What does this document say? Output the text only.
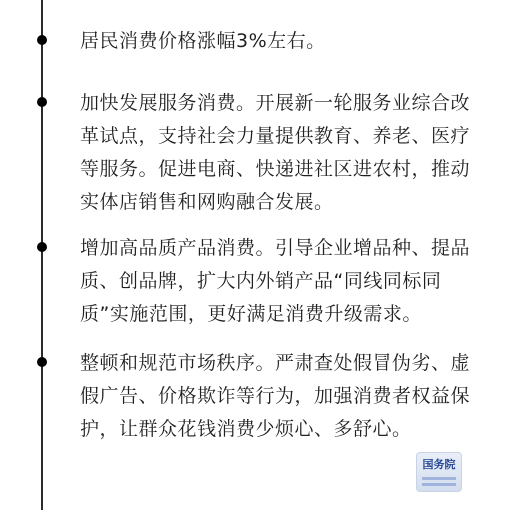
居民消费价格涨幅3%左右。
加快发展服务消费。开展新一轮服务业综合改革试点，支持社会力量提供教育、养老、医疗等服务。促进电商、快递进社区进农村，推动实体店销售和网购融合发展。
增加高品质产品消费。引导企业增品种、提品质、创品牌，扩大内外销产品“同线同标同质”实施范围，更好满足消费升级需求。
整顿和规范市场秩序。严肃查处假冒伪劣、虚假广告、价格欺诈等行为，加强消费者权益保护，让群众花钱消费少烦心、多舒心。
国务院
